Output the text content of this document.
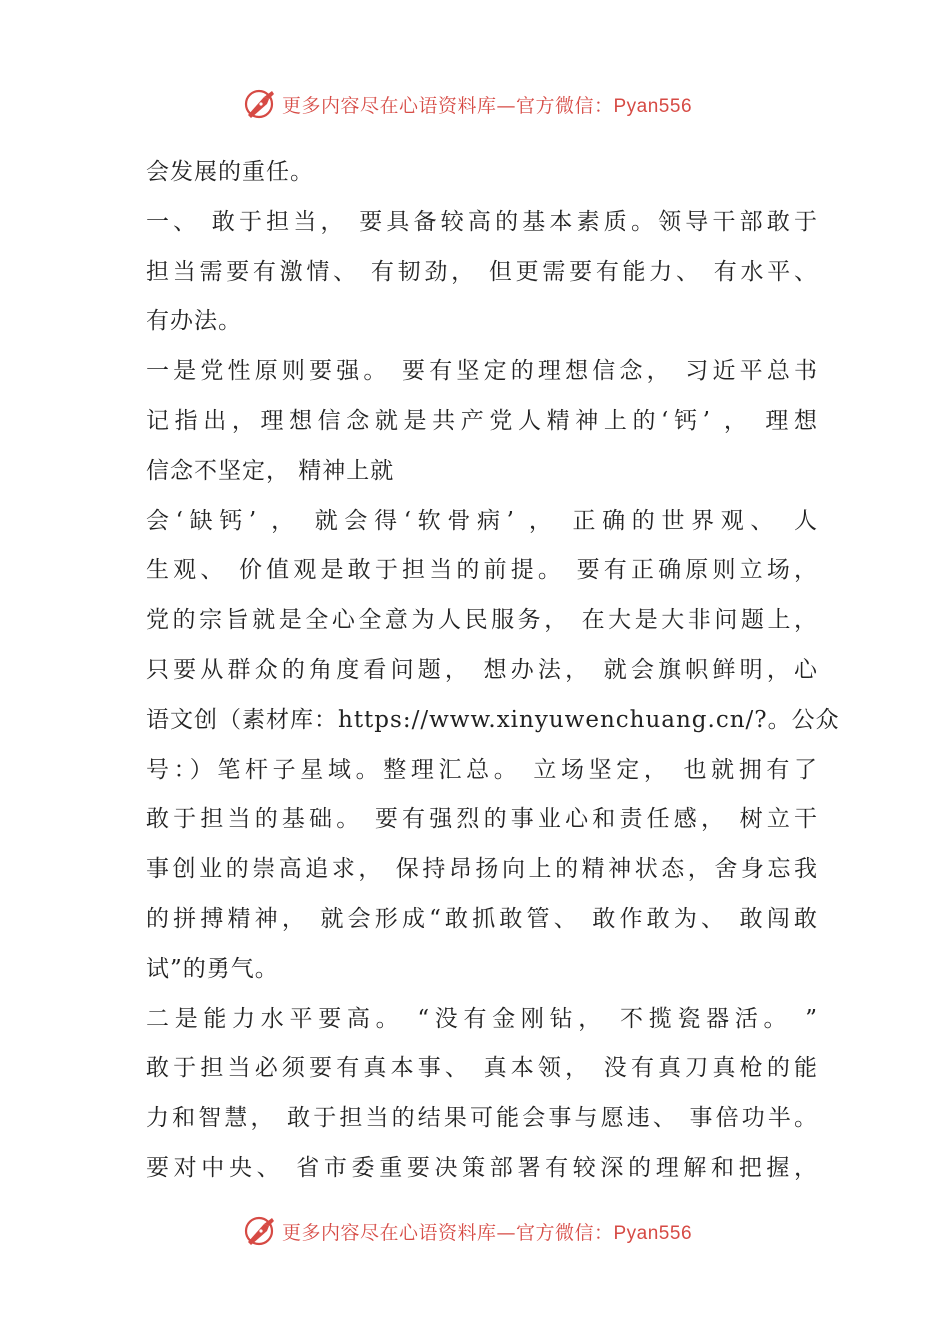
更多内容尽在心语资料库—官方微信：Pyan556
会发展的重任。
一、 敢于担当， 要具备较高的基本素质。领导干部敢于
担当需要有激情、 有韧劲， 但更需要有能力、 有水平、
有办法。
一是党性原则要强。 要有坚定的理想信念， 习近平总书
记指出，理想信念就是共产党人精神上的‘钙’ ， 理想
信念不坚定， 精神上就
会‘缺钙’ ， 就会得‘软骨病’ ， 正确的世界观、 人
生观、 价值观是敢于担当的前提。 要有正确原则立场，
党的宗旨就是全心全意为人民服务， 在大是大非问题上，
只要从群众的角度看问题， 想办法， 就会旗帜鲜明，心
语文创（素材库：https://www.xinyuwenchuang.cn/?。公众
号：）笔杆子星域。整理汇总。 立场坚定， 也就拥有了
敢于担当的基础。 要有强烈的事业心和责任感， 树立干
事创业的崇高追求， 保持昂扬向上的精神状态，舍身忘我
的拼搏精神， 就会形成“敢抓敢管、 敢作敢为、 敢闯敢
试”的勇气。
二是能力水平要高。 “没有金刚钻， 不揽瓷器活。 ”
敢于担当必须要有真本事、 真本领， 没有真刀真枪的能
力和智慧， 敢于担当的结果可能会事与愿违、 事倍功半。
要对中央、 省市委重要决策部署有较深的理解和把握，
更多内容尽在心语资料库—官方微信：Pyan556
